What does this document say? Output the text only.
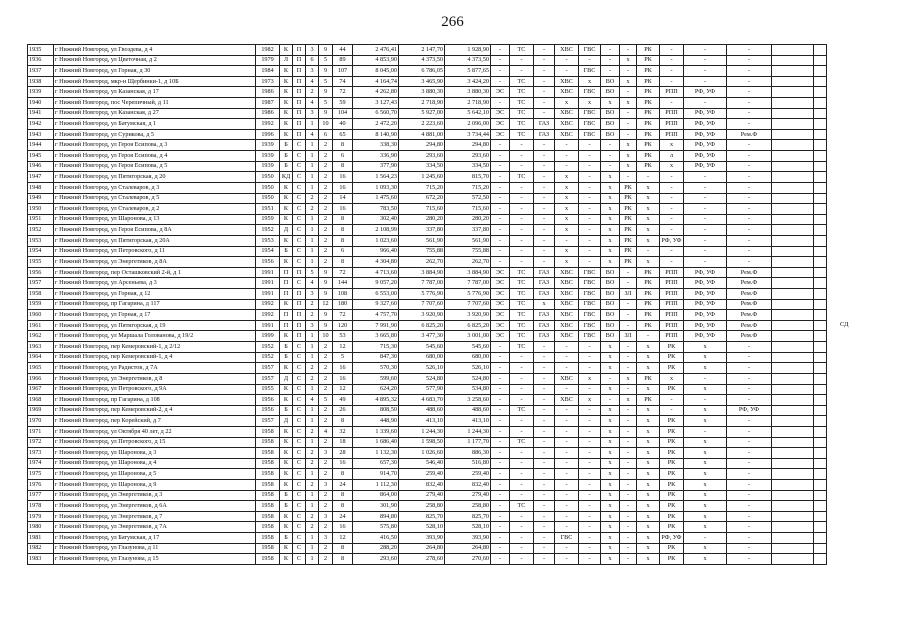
266
1935	г Нижний Новгород, ул Гвоздева, д 4	1982	К	П	3	9	44	2 476,41	2 147,70	1 928,90	-	ТС	-	ХВС	ГВС	-	-	РК	-	-	-		
1936	г Нижний Новгород, ул Цветочная, д 2	1979	Л	П	6	5	89	4 853,90	4 373,50	4 373,50	-	-	-	-	-	-	х	РК	-	-	-		
1937	г Нижний Новгород, ул Горная, д 30	1984	К	П	3	9	107	8 045,00	6 786,05	5 877,65	-	-	-	-	ГВС	-	-	РК	-	-	-		
1938	г Нижний Новгород, мкр-н Щербинки-1, д 10Б	1973	К	П	4	5	74	4 164,74	3 465,90	3 424,20	-	ТС	-	ХВС	х	ВО	х	РК	-	-	-		
1939	г Нижний Новгород, ул Казанская, д 17	1986	К	П	2	9	72	4 262,80	3 880,30	3 880,30	ЭС	ТС	-	ХВС	ГВС	ВО	-	РК	РПП	РФ, УФ	-		
1940	г Нижний Новгород, пос Черепичный, д 11	1987	К	П	4	5	59	3 127,43	2 718,90	2 718,90	-	ТС	-	х	х	х	х	РК	-	-	-		
1941	г Нижний Новгород, ул Казанская, д 27	1986	К	П	3	9	104	6 560,70	5 927,00	5 642,10	ЭС	ТС	-	ХВС	ГВС	ВО	-	РК	РПП	РФ, УФ	-		
1942	г Нижний Новгород, ул Батумская, д 1	1992	К	П	1	10	40	2 472,20	2 223,60	2 096,00	ЭС	ТС	ГАЗ	ХВС	ГВС	ВО	-	РК	РПП	РФ, УФ	-		
1943	г Нижний Новгород, ул Сурикова, д 5	1996	К	П	4	6	65	8 140,90	4 881,00	3 734,44	ЭС	ТС	ГАЗ	ХВС	ГВС	ВО	-	РК	РПП	РФ, УФ	Рем.Ф		
1944	г Нижний Новгород, ул Героя Есипова, д 3	1939	Б	С	1	2	8	338,30	294,80	294,80	-	-	-	-	-	-	х	РК	х	РФ, УФ	-		
1945	г Нижний Новгород, ул Героя Есипова, д 4	1939	Б	С	1	2	6	336,90	293,60	293,60	-	-	-	-	-	-	х	РК	л	РФ, УФ	-		
1946	г Нижний Новгород, ул Героя Есипова, д 5	1939	Б	С	1	2	8	377,90	334,50	334,50	-	-	-	-	-	-	х	РК	х	РФ, УФ	-		
1947	г Нижний Новгород, ул Пятигорская, д 20	1950	КД	С	1	2	16	1 564,23	1 245,60	815,70	-	ТС	-	х	-	х	-	-	-	-	-		
1948	г Нижний Новгород, ул Сталеваров, д 3	1950	К	С	1	2	16	1 093,30	715,20	715,20	-	-	-	х	-	х	РК	х	-	-	-		
1949	г Нижний Новгород, ул Сталеваров, д 5	1950	К	С	2	2	14	1 475,60	672,20	572,50	-	-	-	х	-	х	РК	х	-	-	-		
1950	г Нижний Новгород, ул Сталеваров, д 2	1951	К	С	2	2	16	783,50	715,60	715,60	-	-	-	х	-	х	РК	х	-	-	-		
1951	г Нижний Новгород, ул Шаронова, д 13	1959	К	С	1	2	8	302,40	280,20	280,20	-	-	-	х	-	х	РК	х	-	-	-		
1952	г Нижний Новгород, ул Героя Есипова, д 8А	1952	Д	С	1	2	8	2 108,99	337,80	337,80	-	-	-	х	-	х	РК	х	-	-	-		
1953	г Нижний Новгород, ул Пятигорская, д 20А	1953	К	С	1	2	8	1 023,60	561,90	561,90	-	-	-	-	-	х	РК	х	РФ, УФ	-	-		
1954	г Нижний Новгород, ул Петровского, д 11	1954	Б	С	1	2	6	966,40	755,88	755,88	-	-	-	х	-	х	РК	-	-	-	-		
1955	г Нижний Новгород, ул Энергетиков, д 8А	1956	К	С	1	2	8	4 304,80	262,70	262,70	-	-	-	х	-	х	РК	х	-	-	-		
1956	г Нижний Новгород, пер Осташковский 2-й, д 1	1991	П	П	5	9	72	4 713,60	3 884,90	3 884,90	ЭС	ТС	ГАЗ	ХВС	ГВС	ВО	-	РК	РПП	РФ, УФ	Рем.Ф		
1957	г Нижний Новгород, ул Арсеньева, д 3	1991	П	С	4	9	144	9 057,20	7 787,00	7 787,00	ЭС	ТС	ГАЗ	ХВС	ГВС	ВО	-	РК	РПП	РФ, УФ	Рем.Ф		
1958	г Нижний Новгород, ул Горная, д 12	1991	П	П	3	9	108	6 553,00	5 776,90	5 776,90	ЭС	ТС	ГАЗ	ХВС	ГВС	ВО	ЗЛ	РК	РПП	РФ, УФ	Рем.Ф		
1959	г Нижний Новгород, пр Гагарина, д 117	1992	К	П	2	12	180	9 327,60	7 707,60	7 707,60	ЭС	ТС	х	ХВС	ГВС	ВО	-	РК	РПП	РФ, УФ	Рем.Ф		
1960	г Нижний Новгород, ул Горная, д 17	1992	П	П	2	9	72	4 757,70	3 920,90	3 920,90	ЭС	ТС	ГАЗ	ХВС	ГВС	ВО	-	РК	РПП	РФ, УФ	Рем.Ф		
1961	г Нижний Новгород, ул Пятигорская, д 19	1991	П	П	3	9	120	7 991,90	6 825,20	6 825,20	ЭС	ТС	ГАЗ	ХВС	ГВС	ВО	-	РК	РПП	РФ, УФ	Рем.Ф		
1962	г Нижний Новгород, ул Маршала Голованова, д 19/2	1999	К	П	1	10	53	3 665,80	3 477,30	3 001,00	ЭС	ТС	ГАЗ	ХВС	ГВС	ВО	ЗЛ	-	РПП	РФ, УФ	Рем.Ф		
1963	г Нижний Новгород, пер Кемеровский-1, д 2/12	1952	Б	С	1	2	12	715,30	545,60	545,60	-	ТС	-	-	-	х	-	х	РК	х	-		
1964	г Нижний Новгород, пер Кемеровский-1, д 4	1952	Б	С	1	2	5	847,30	680,00	680,00	-	-	-	-	-	х	-	х	РК	х	-		
1965	г Нижний Новгород, ул Радистов, д 7А	1957	К	С	2	2	16	570,30	526,10	526,10	-	-	-	-	-	х	-	х	РК	х	-		
1966	г Нижний Новгород, ул Энергетиков, д 8	1957	Д	С	2	2	16	599,60	524,80	524,80	-	-	-	ХВС	х	-	х	РК	х	-	-		
1967	г Нижний Новгород, ул Петровского, д 9А	1955	К	С	1	2	12	624,20	577,90	534,80	-	-	-	-	-	х	-	х	РК	х	-		
1968	г Нижний Новгород, пр Гагарина, д 108	1956	К	С	4	5	49	4 895,32	4 683,70	3 258,60	-	-	-	ХВС	х	-	х	РК	-	-	-		
1969	г Нижний Новгород, пер Кемеровский-2, д 4	1956	Б	С	1	2	26	808,50	488,60	488,60	-	ТС	-	-	-	х	-	х	-	х	РФ, УФ		
1970	г Нижний Новгород, пер Корейский, д 7	1957	Д	С	1	2	8	448,90	413,10	413,10	-	-	-	-	-	х	-	х	РК	х	-		
1971	г Нижний Новгород, ул Октября 40 лет, д 22	1958	К	С	2	4	32	1 339,60	1 244,30	1 244,30	-	-	-	-	-	х	-	х	РК	-	-		
1972	г Нижний Новгород, ул Петровского, д 15	1958	К	С	1	2	18	1 686,40	1 598,50	1 177,70	-	ТС	-	-	-	х	-	х	РК	х	-		
1973	г Нижний Новгород, ул Шаронова, д 3	1958	К	С	2	3	28	1 132,30	1 026,60	886,30	-	-	-	-	-	х	-	х	РК	х	-		
1974	г Нижний Новгород, ул Шаронова, д 4	1958	К	С	2	2	16	657,30	546,40	516,80	-	-	-	-	-	х	-	х	РК	х	-		
1975	г Нижний Новгород, ул Шаронова, д 5	1958	К	С	1	2	8	914,70	259,40	259,40	-	-	-	-	-	х	-	х	РК	х	-		
1976	г Нижний Новгород, ул Шаронова, д 9	1958	К	С	2	3	24	1 112,30	832,40	832,40	-	-	-	-	-	х	-	х	РК	х	-		
1977	г Нижний Новгород, ул Энергетиков, д 3	1958	Б	С	1	2	8	864,00	279,40	279,40	-	-	-	-	-	х	-	х	РК	х	-		
1978	г Нижний Новгород, ул Энергетиков, д 6А	1958	Б	С	1	2	8	301,90	258,80	258,80	-	ТС	-	-	-	х	-	х	РК	х	-		
1979	г Нижний Новгород, ул Энергетиков, д 7	1958	К	С	2	3	24	894,80	825,70	825,70	-	-	-	-	-	х	-	х	РК	х	-		
1980	г Нижний Новгород, ул Энергетиков, д 7А	1958	К	С	2	2	16	575,80	528,10	528,10	-	-	-	-	-	х	-	х	РК	х	-		
1981	г Нижний Новгород, ул Батумская, д 17	1958	Б	С	1	3	12	416,50	393,90	393,90	-	-	-	ГВС	-	х	-	х	РФ, УФ	-	-		
1982	г Нижний Новгород, ул Глазунова, д 11	1958	К	С	1	2	8	288,20	264,80	264,80	-	-	-	-	-	х	-	х	РК	х	-		
1983	г Нижний Новгород, ул Глазунова, д 15	1958	К	С	1	2	8	293,60	278,60	270,60	-	-	-	-	-	х	-	х	РК	х	-		
СД
